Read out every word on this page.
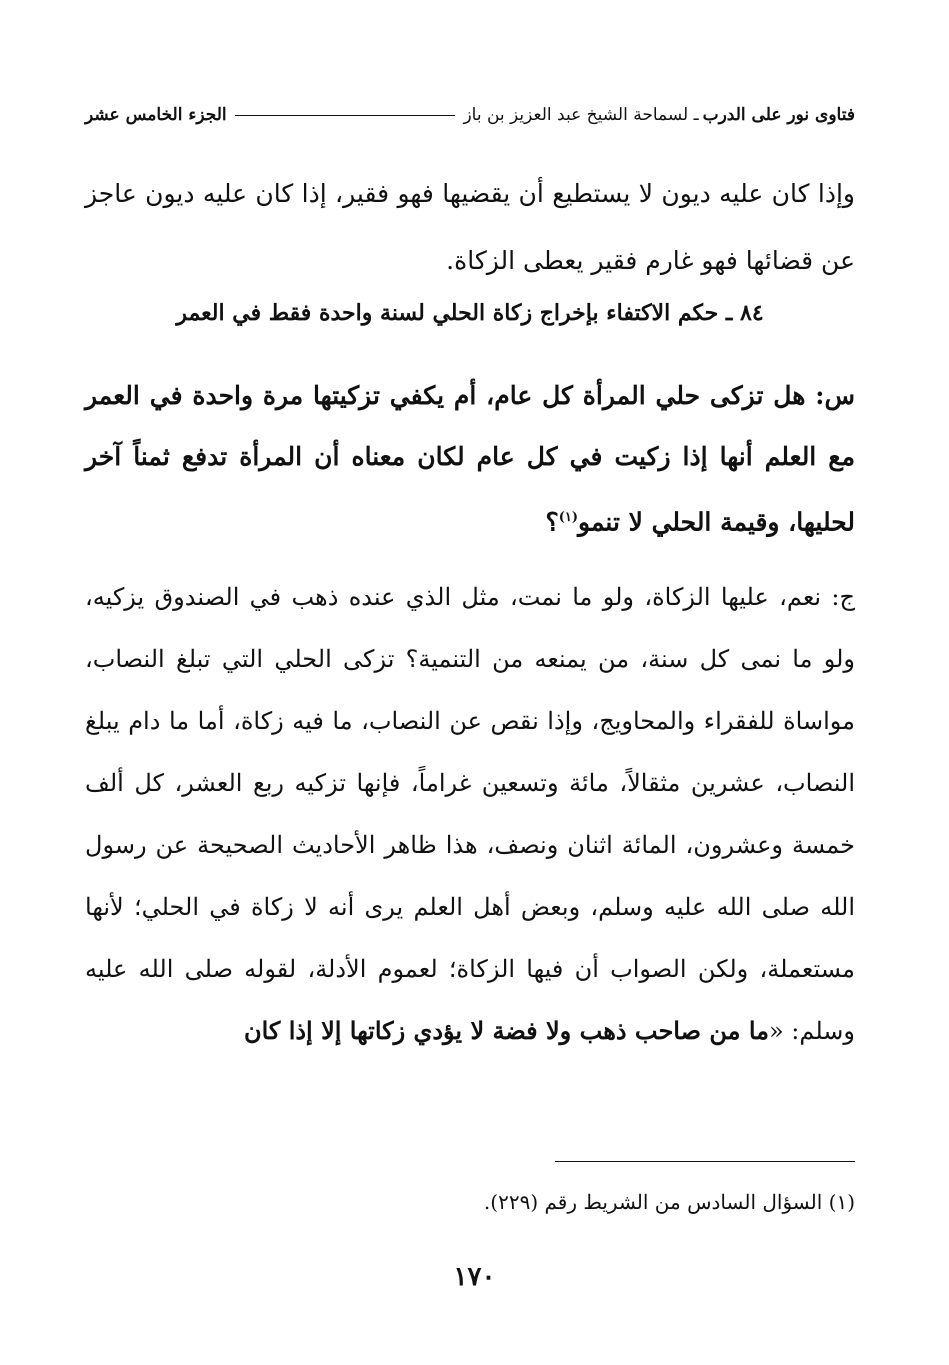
فتاوى نور على الدرب
ـ لسماحة الشيخ عبد العزيز بن باز
الجزء الخامس عشر
وإذا كان عليه ديون لا يستطيع أن يقضيها فهو فقير، إذا كان عليه ديون عاجز عن قضائها فهو غارم فقير يعطى الزكاة.
٨٤ ـ حكم الاكتفاء بإخراج زكاة الحلي لسنة واحدة فقط في العمر
س: هل تزكى حلي المرأة كل عام، أم يكفي تزكيتها مرة واحدة في العمر مع العلم أنها إذا زكيت في كل عام لكان معناه أن المرأة تدفع ثمناً آخر لحليها، وقيمة الحلي لا تنمو$^{(١)}$؟
ج: نعم، عليها الزكاة، ولو ما نمت، مثل الذي عنده ذهب في الصندوق يزكيه، ولو ما نمى كل سنة، من يمنعه من التنمية؟ تزكى الحلي التي تبلغ النصاب، مواساة للفقراء والمحاويج، وإذا نقص عن النصاب، ما فيه زكاة، أما ما دام يبلغ النصاب، عشرين مثقالاً، مائة وتسعين غراماً، فإنها تزكيه ربع العشر، كل ألف خمسة وعشرون، المائة اثنان ونصف، هذا ظاهر الأحاديث الصحيحة عن رسول الله صلى الله عليه وسلم، وبعض أهل العلم يرى أنه لا زكاة في الحلي؛ لأنها مستعملة، ولكن الصواب أن فيها الزكاة؛ لعموم الأدلة، لقوله صلى الله عليه وسلم: «ما من صاحب ذهب ولا فضة لا يؤدي زكاتها إلا إذا كان
(١) السؤال السادس من الشريط رقم (٢٢٩).
١٧٠
